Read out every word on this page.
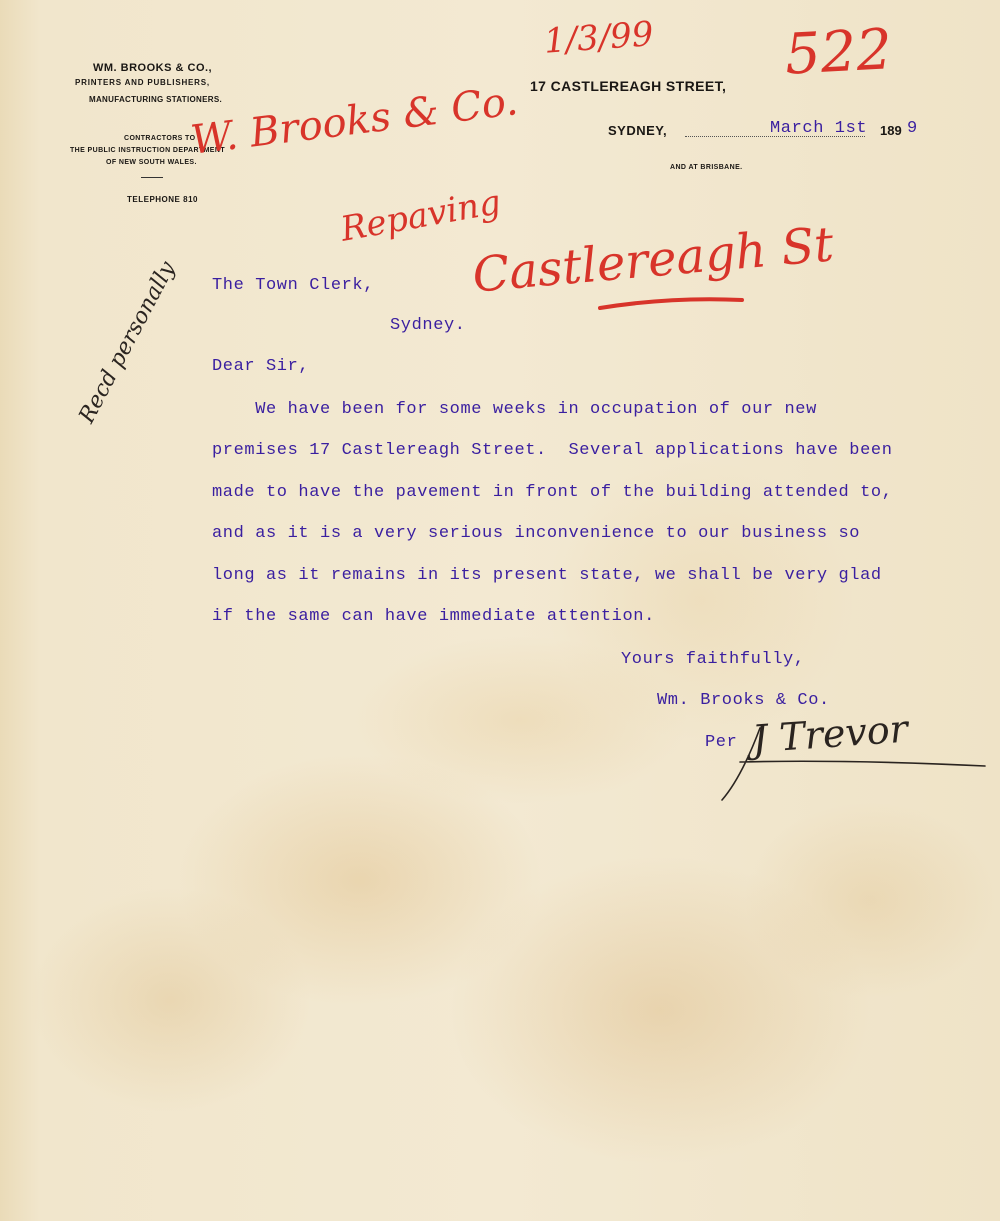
WM. BROOKS & CO.,
PRINTERS AND PUBLISHERS,
MANUFACTURING STATIONERS.
CONTRACTORS TO
THE PUBLIC INSTRUCTION DEPARTMENT
OF NEW SOUTH WALES.
TELEPHONE 810
17 CASTLEREAGH STREET,
SYDNEY,	March 1st 189 9
AND AT BRISBANE.
1/3/99 522
W. Brooks & Co.
Repaving
Castlereagh St
Recd personally The Town Clerk,
Sydney.
Dear Sir,
We have been for some weeks in occupation of our new
premises 17 Castlereagh Street.  Several applications have been
made to have the pavement in front of the building attended to,
and as it is a very serious inconvenience to our business so
long as it remains in its present state, we shall be very glad
if the same can have immediate attention.
Yours faithfully,
Wm. Brooks & Co.
Per J Trevor
